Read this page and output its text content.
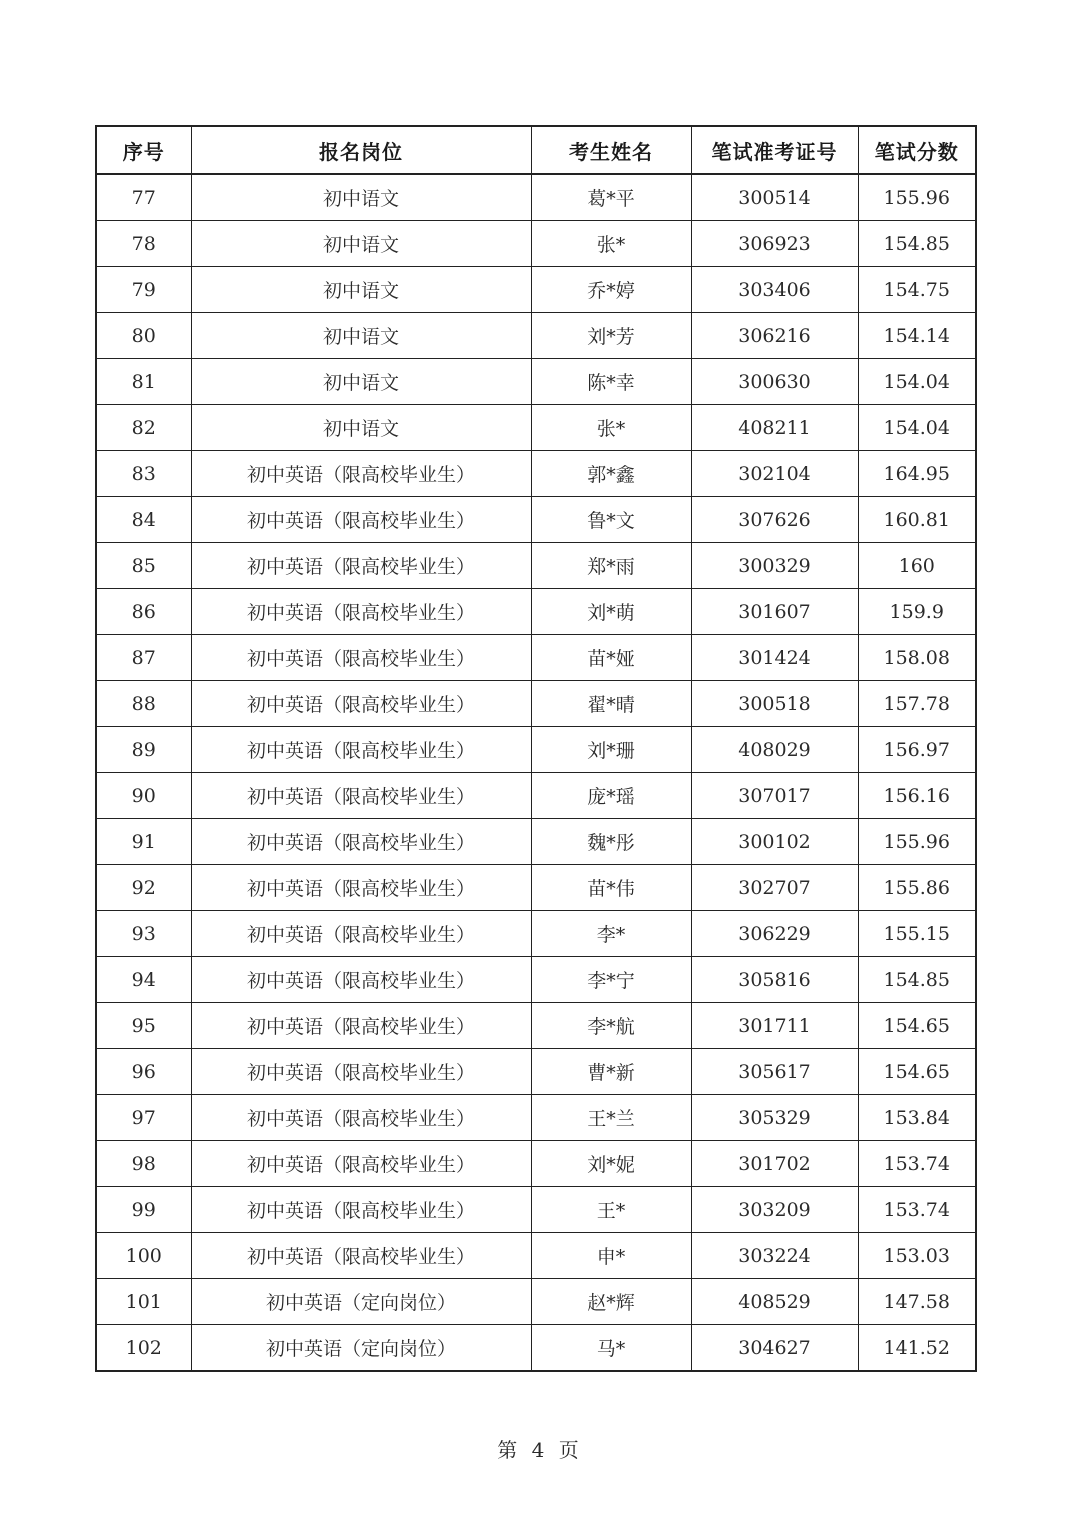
序号	报名岗位	考生姓名	笔试准考证号	笔试分数
77	初中语文	葛*平	300514	155.96
78	初中语文	张*	306923	154.85
79	初中语文	乔*婷	303406	154.75
80	初中语文	刘*芳	306216	154.14
81	初中语文	陈*幸	300630	154.04
82	初中语文	张*	408211	154.04
83	初中英语（限高校毕业生）	郭*鑫	302104	164.95
84	初中英语（限高校毕业生）	鲁*文	307626	160.81
85	初中英语（限高校毕业生）	郑*雨	300329	160
86	初中英语（限高校毕业生）	刘*萌	301607	159.9
87	初中英语（限高校毕业生）	苗*娅	301424	158.08
88	初中英语（限高校毕业生）	翟*晴	300518	157.78
89	初中英语（限高校毕业生）	刘*珊	408029	156.97
90	初中英语（限高校毕业生）	庞*瑶	307017	156.16
91	初中英语（限高校毕业生）	魏*彤	300102	155.96
92	初中英语（限高校毕业生）	苗*伟	302707	155.86
93	初中英语（限高校毕业生）	李*	306229	155.15
94	初中英语（限高校毕业生）	李*宁	305816	154.85
95	初中英语（限高校毕业生）	李*航	301711	154.65
96	初中英语（限高校毕业生）	曹*新	305617	154.65
97	初中英语（限高校毕业生）	王*兰	305329	153.84
98	初中英语（限高校毕业生）	刘*妮	301702	153.74
99	初中英语（限高校毕业生）	王*	303209	153.74
100	初中英语（限高校毕业生）	申*	303224	153.03
101	初中英语（定向岗位）	赵*辉	408529	147.58
102	初中英语（定向岗位）	马*	304627	141.52
第 4 页
